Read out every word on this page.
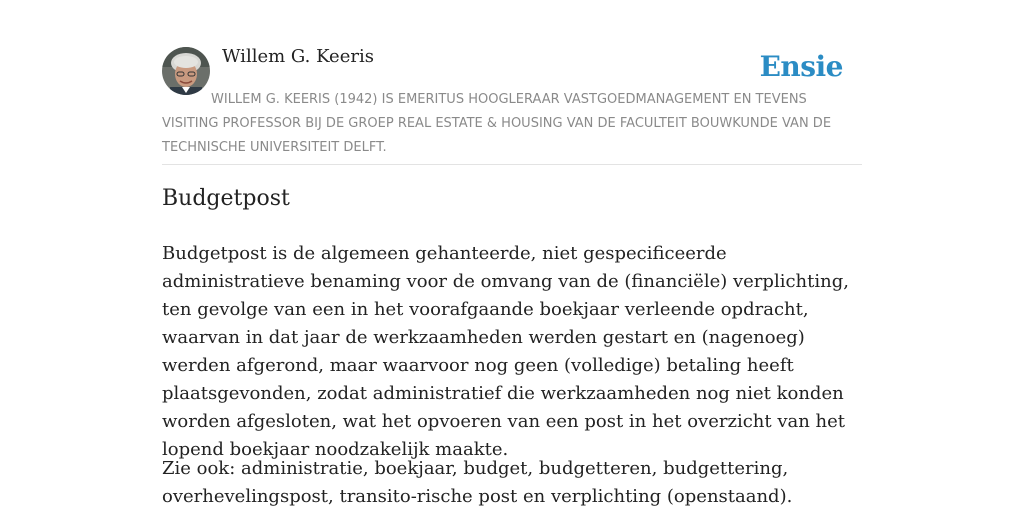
Willem G. Keeris	Ensie
WILLEM G. KEERIS (1942) IS EMERITUS HOOGLERAAR VASTGOEDMANAGEMENT EN TEVENS VISITING PROFESSOR BIJ DE GROEP REAL ESTATE & HOUSING VAN DE FACULTEIT BOUWKUNDE VAN DE TECHNISCHE UNIVERSITEIT DELFT.
Budgetpost

Budgetpost is de algemeen gehanteerde, niet gespecificeerde administratieve benaming voor de omvang van de (financiële) verplichting, ten gevolge van een in het voorafgaande boekjaar verleende opdracht, waarvan in dat jaar de werkzaamheden werden gestart en (nagenoeg) werden afgerond, maar waarvoor nog geen (volledige) betaling heeft plaatsgevonden, zodat administratief die werkzaamheden nog niet konden worden afgesloten, wat het opvoeren van een post in het overzicht van het lopend boekjaar noodzakelijk maakte.

Zie ook: administratie, boekjaar, budget, budgetteren, budgettering, overhevelingspost, transito-rische post en verplichting (openstaand).
